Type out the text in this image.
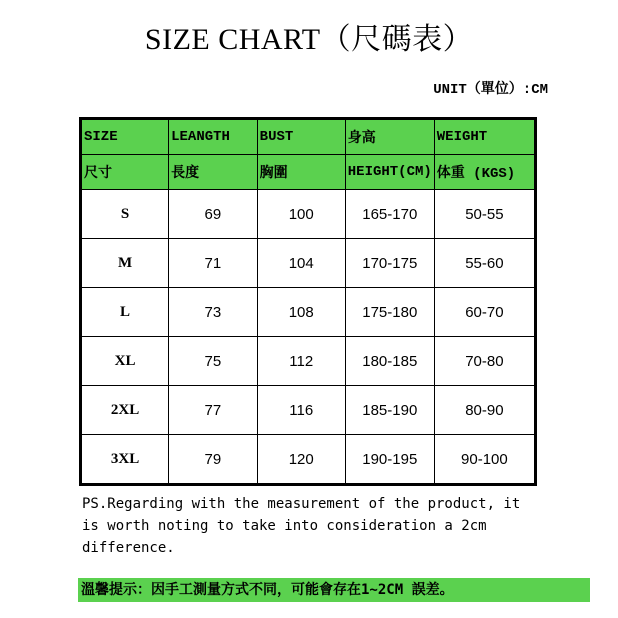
SIZE CHART（尺碼表）
UNIT（單位）:CM
SIZE	LEANGTH	BUST	身高	WEIGHT
尺寸	長度	胸圍	HEIGHT(CM)	体重 (KGS)
S	69	100	165-170	50-55
M	71	104	170-175	55-60
L	73	108	175-180	60-70
XL	75	112	180-185	70-80
2XL	77	116	185-190	80-90
3XL	79	120	190-195	90-100
PS.Regarding with the measurement of the product, it is worth noting to take into consideration a 2cm difference.
溫馨提示：因手工測量方式不同，可能會存在1~2CM 誤差。
